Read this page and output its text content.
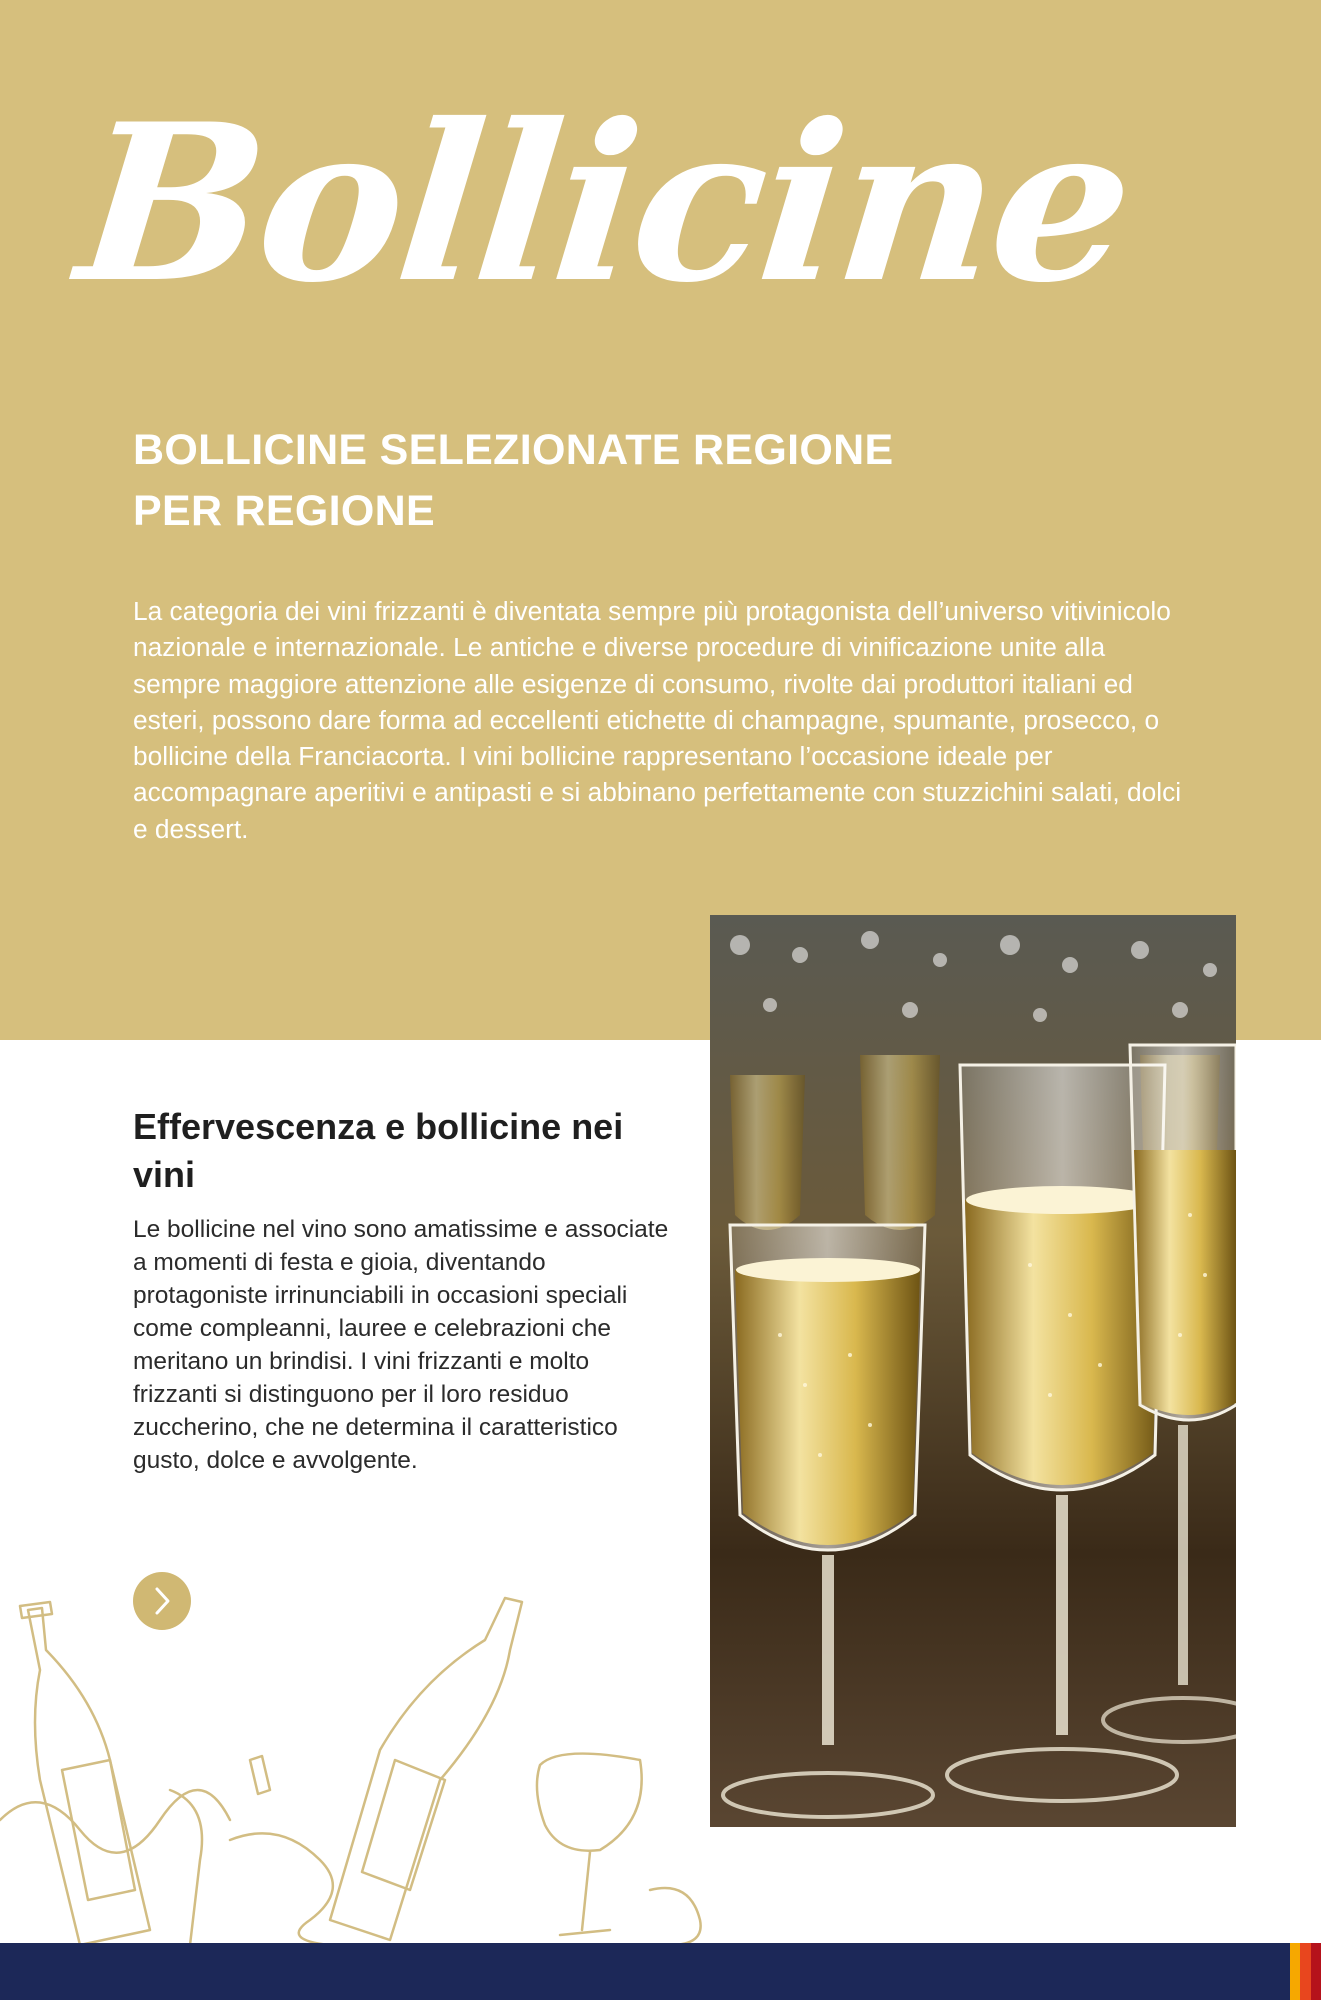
Bollicine
BOLLICINE SELEZIONATE REGIONE PER REGIONE
La categoria dei vini frizzanti è diventata sempre più protagonista dell’universo vitivinicolo nazionale e internazionale. Le antiche e diverse procedure di vinificazione unite alla sempre maggiore attenzione alle esigenze di consumo, rivolte dai produttori italiani ed esteri, possono dare forma ad eccellenti etichette di champagne, spumante, prosecco, o bollicine della Franciacorta. I vini bollicine rappresentano l’occasione ideale per accompagnare aperitivi e antipasti e si abbinano perfettamente con stuzzichini salati, dolci e dessert.
Effervescenza e bollicine nei vini
Le bollicine nel vino sono amatissime e associate a momenti di festa e gioia, diventando protagoniste irrinunciabili in occasioni speciali come compleanni, lauree e celebrazioni che meritano un brindisi. I vini frizzanti e molto frizzanti si distinguono per il loro residuo zuccherino, che ne determina il caratteristico gusto, dolce e avvolgente.
